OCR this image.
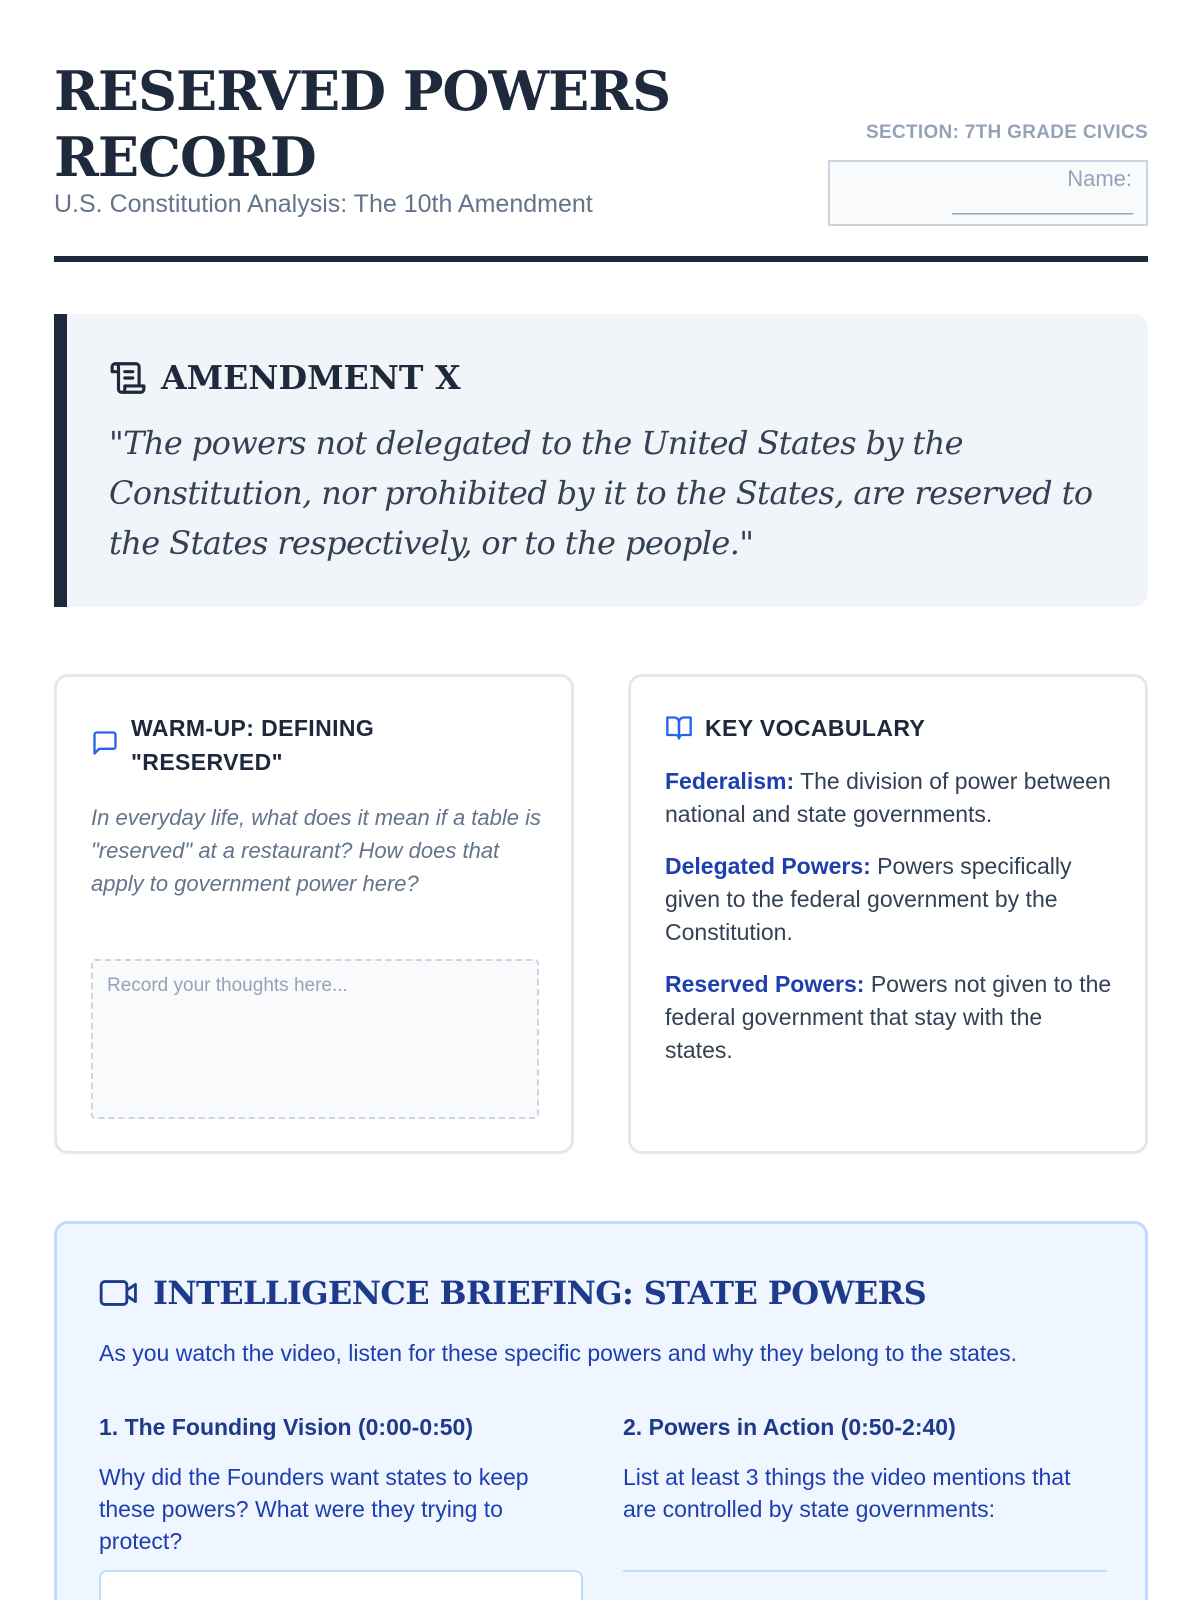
RESERVED POWERS RECORD
U.S. Constitution Analysis: The 10th Amendment
SECTION: 7TH GRADE CIVICS
Name:
________________
AMENDMENT X
"The powers not delegated to the United States by the Constitution, nor prohibited by it to the States, are reserved to the States respectively, or to the people."
WARM-UP: DEFINING "RESERVED"
In everyday life, what does it mean if a table is "reserved" at a restaurant? How does that apply to government power here?
Record your thoughts here...
KEY VOCABULARY

Federalism: The division of power between national and state governments.

Delegated Powers: Powers specifically given to the federal government by the Constitution.

Reserved Powers: Powers not given to the federal government that stay with the states.

INTELLIGENCE BRIEFING: STATE POWERS
As you watch the video, listen for these specific powers and why they belong to the states.
1. The Founding Vision (0:00-0:50)
Why did the Founders want states to keep these powers? What were they trying to protect?
2. Powers in Action (0:50-2:40)
List at least 3 things the video mentions that are controlled by state governments:
